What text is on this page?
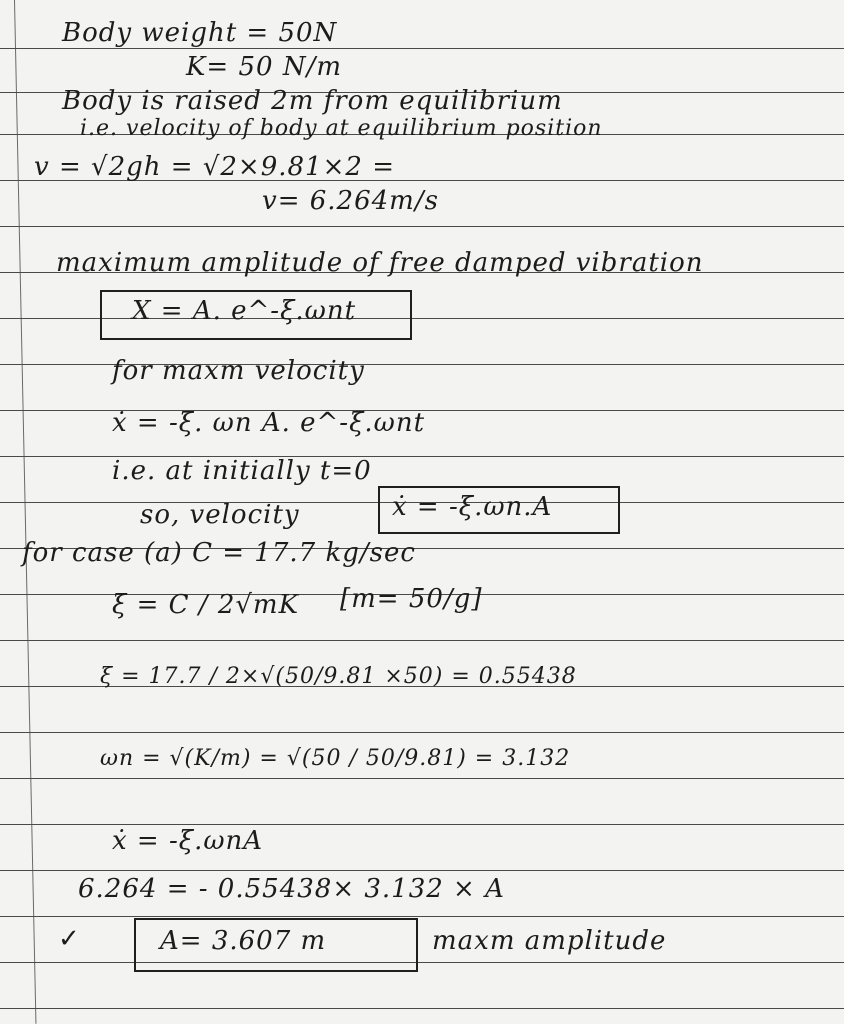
Body weight = 50N
K= 50 N/m
Body is raised 2m from equilibrium
i.e. velocity of body at equilibrium position
v = √2gh = √2×9.81×2 =
v= 6.264m/s
maximum amplitude of free damped vibration
X = A. e^-ξ.ωnt
for maxm velocity
ẋ = -ξ. ωn A. e^-ξ.ωnt
i.e. at initially t=0
so, velocity	ẋ = -ξ.ωn.A
for case (a) C = 17.7 kg/sec
ξ = C / 2√mK [m= 50/g]
ξ = 17.7 / 2×√(50/9.81 ×50) = 0.55438
ωn = √(K/m) = √(50 / 50/9.81) = 3.132
ẋ = -ξ.ωnA
6.264 = - 0.55438× 3.132 × A
✓	A= 3.607 m	maxm amplitude
